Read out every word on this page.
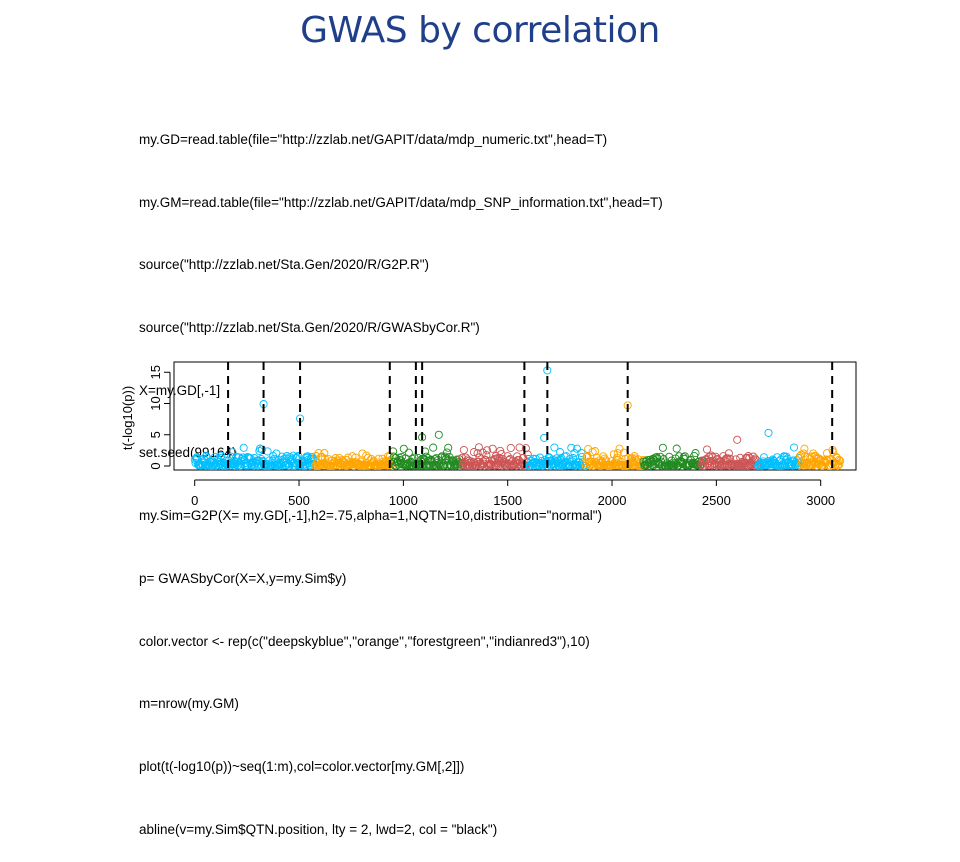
GWAS by correlation

my.GD=read.table(file="http://zzlab.net/GAPIT/data/mdp_numeric.txt",head=T)

my.GM=read.table(file="http://zzlab.net/GAPIT/data/mdp_SNP_information.txt",head=T)

source("http://zzlab.net/Sta.Gen/2020/R/G2P.R")

source("http://zzlab.net/Sta.Gen/2020/R/GWASbyCor.R")

X=my.GD[,-1]

set.seed(99164)

my.Sim=G2P(X= my.GD[,-1],h2=.75,alpha=1,NQTN=10,distribution="normal")

p= GWASbyCor(X=X,y=my.Sim$y)

color.vector <- rep(c("deepskyblue","orange","forestgreen","indianred3"),10)

m=nrow(my.GM)

plot(t(-log10(p))~seq(1:m),col=color.vector[my.GM[,2]])

abline(v=my.Sim$QTN.position, lty = 2, lwd=2, col = "black")

0	500	1000	1500	2000	2500	3000
0
5
10
15
t(-log10(p))
